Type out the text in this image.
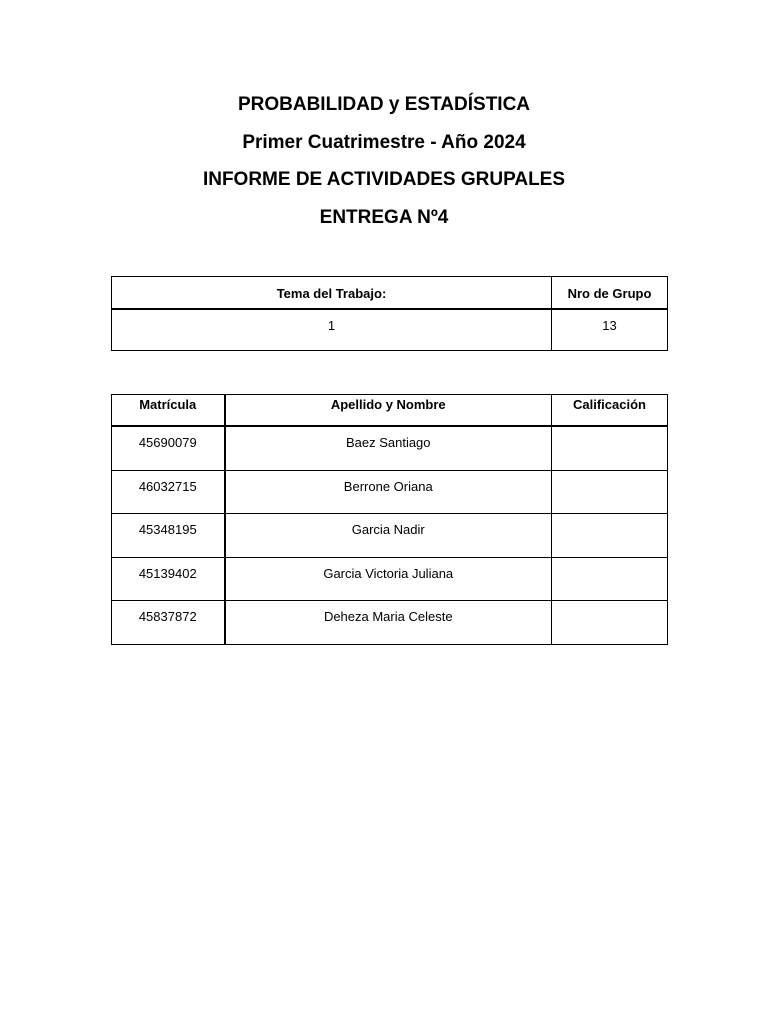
PROBABILIDAD y ESTADÍSTICA
Primer Cuatrimestre - Año 2024
INFORME DE ACTIVIDADES GRUPALES
ENTREGA Nº4
Tema del Trabajo:	Nro de Grupo

1	13
Matrícula	Apellido y Nombre	Calificación

45690079	Baez Santiago	

46032715	Berrone Oriana	

45348195	Garcia Nadir	

45139402	Garcia Victoria Juliana	

45837872	Deheza Maria Celeste	
